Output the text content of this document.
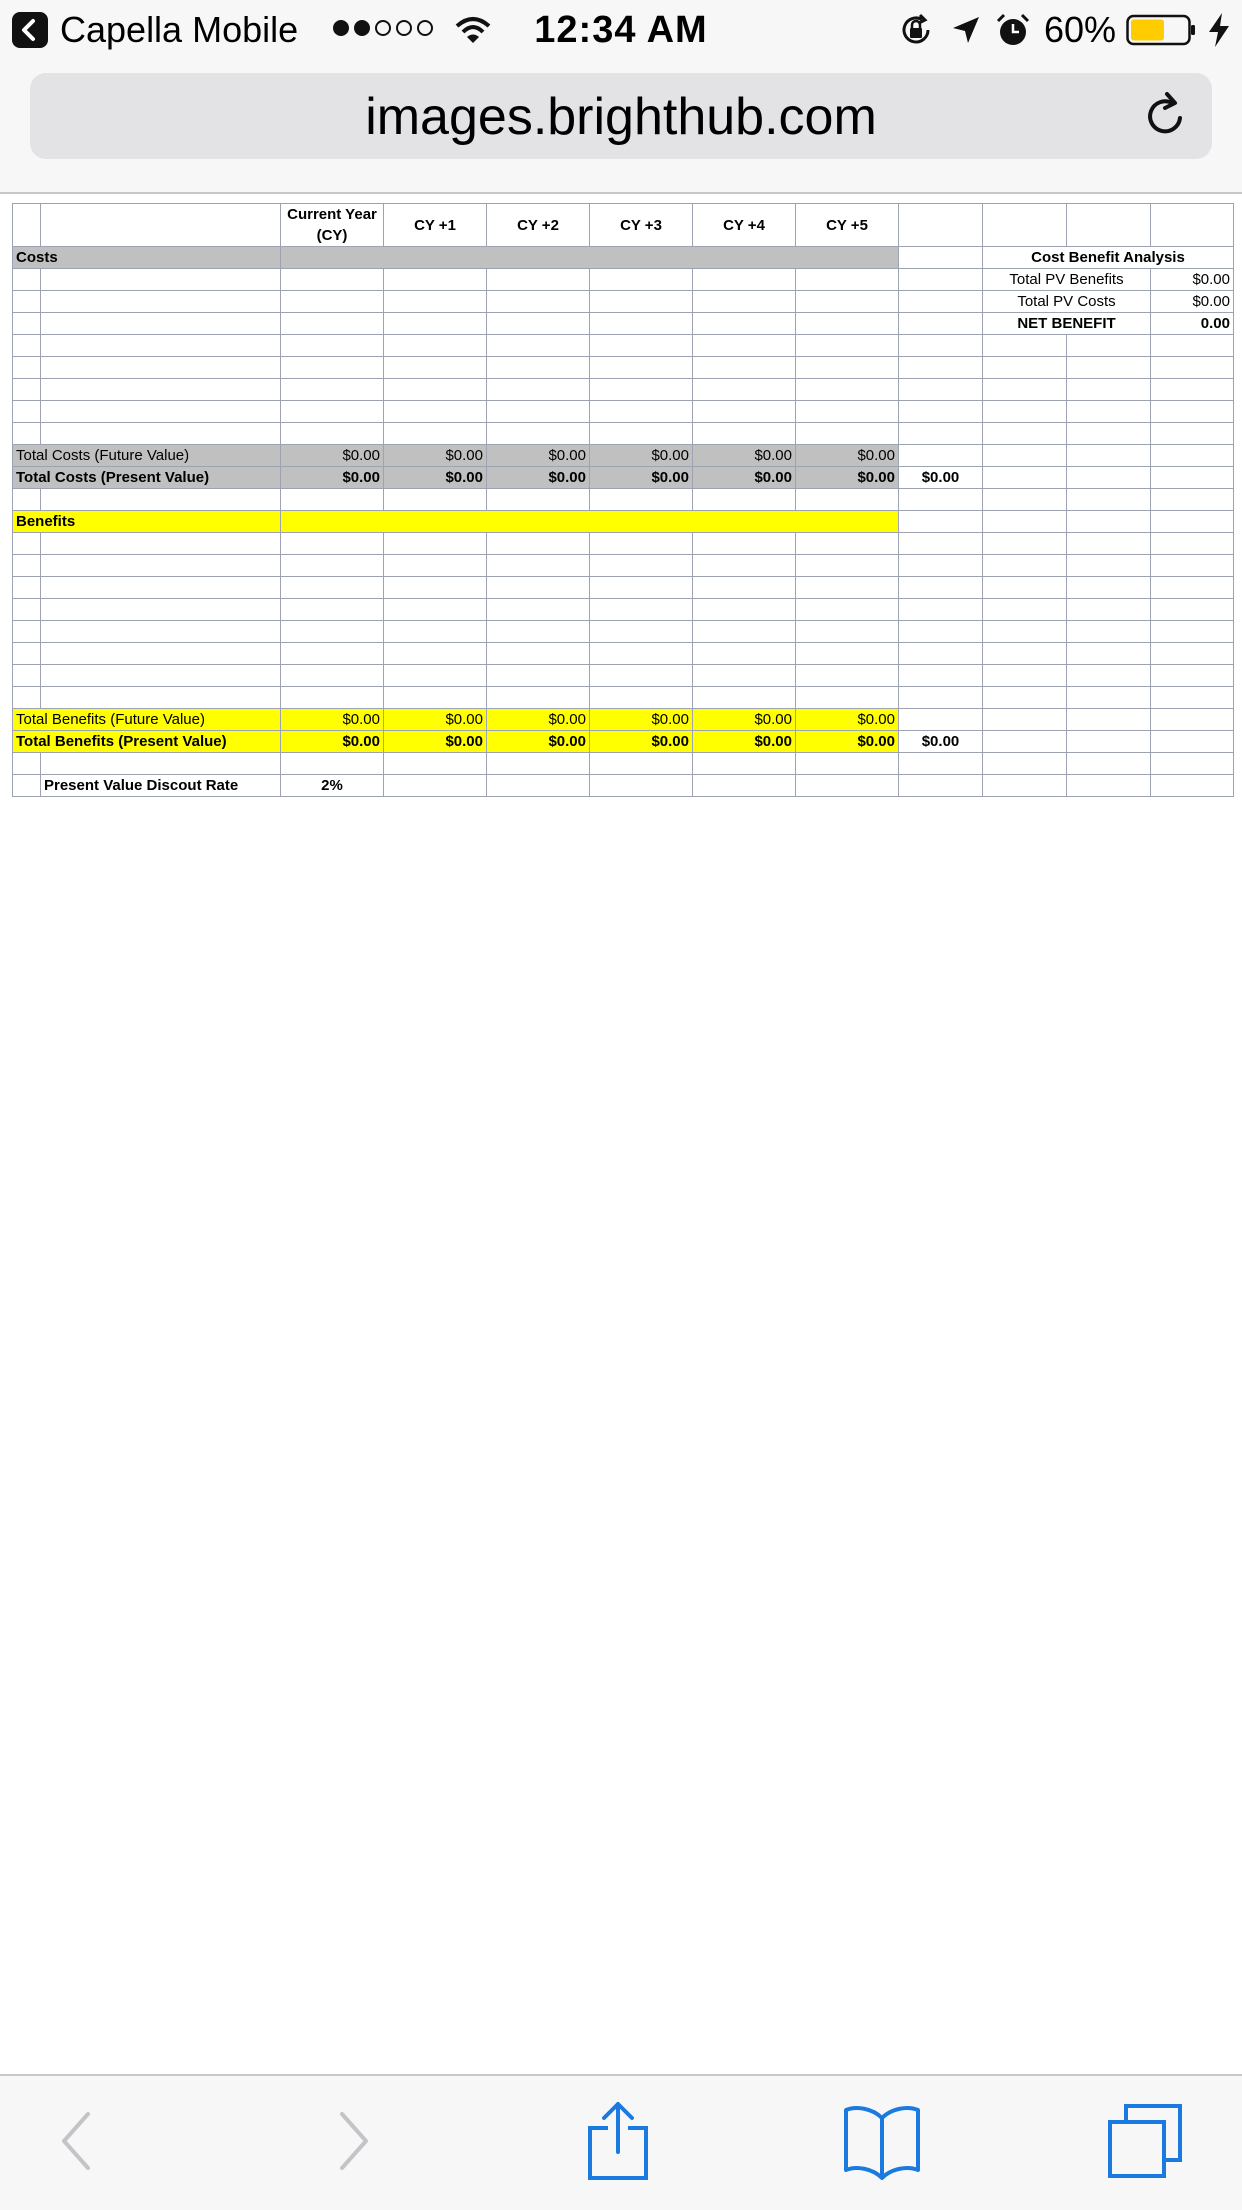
Capella Mobile	12:34 AM	60%
images.brighthub.com
		Current Year (CY)	CY +1	CY +2	CY +3	CY +4	CY +5				
Costs									Cost Benefit Analysis		
									Total PV Benefits		$0.00
									Total PV Costs		$0.00
									NET BENEFIT		0.00

Total Costs (Future Value)		$0.00	$0.00	$0.00	$0.00	$0.00	$0.00				
Total Costs (Present Value)		$0.00	$0.00	$0.00	$0.00	$0.00	$0.00	$0.00			

Benefits											

Total Benefits (Future Value)		$0.00	$0.00	$0.00	$0.00	$0.00	$0.00				
Total Benefits (Present Value)		$0.00	$0.00	$0.00	$0.00	$0.00	$0.00	$0.00			

	Present Value Discout Rate	2%									
